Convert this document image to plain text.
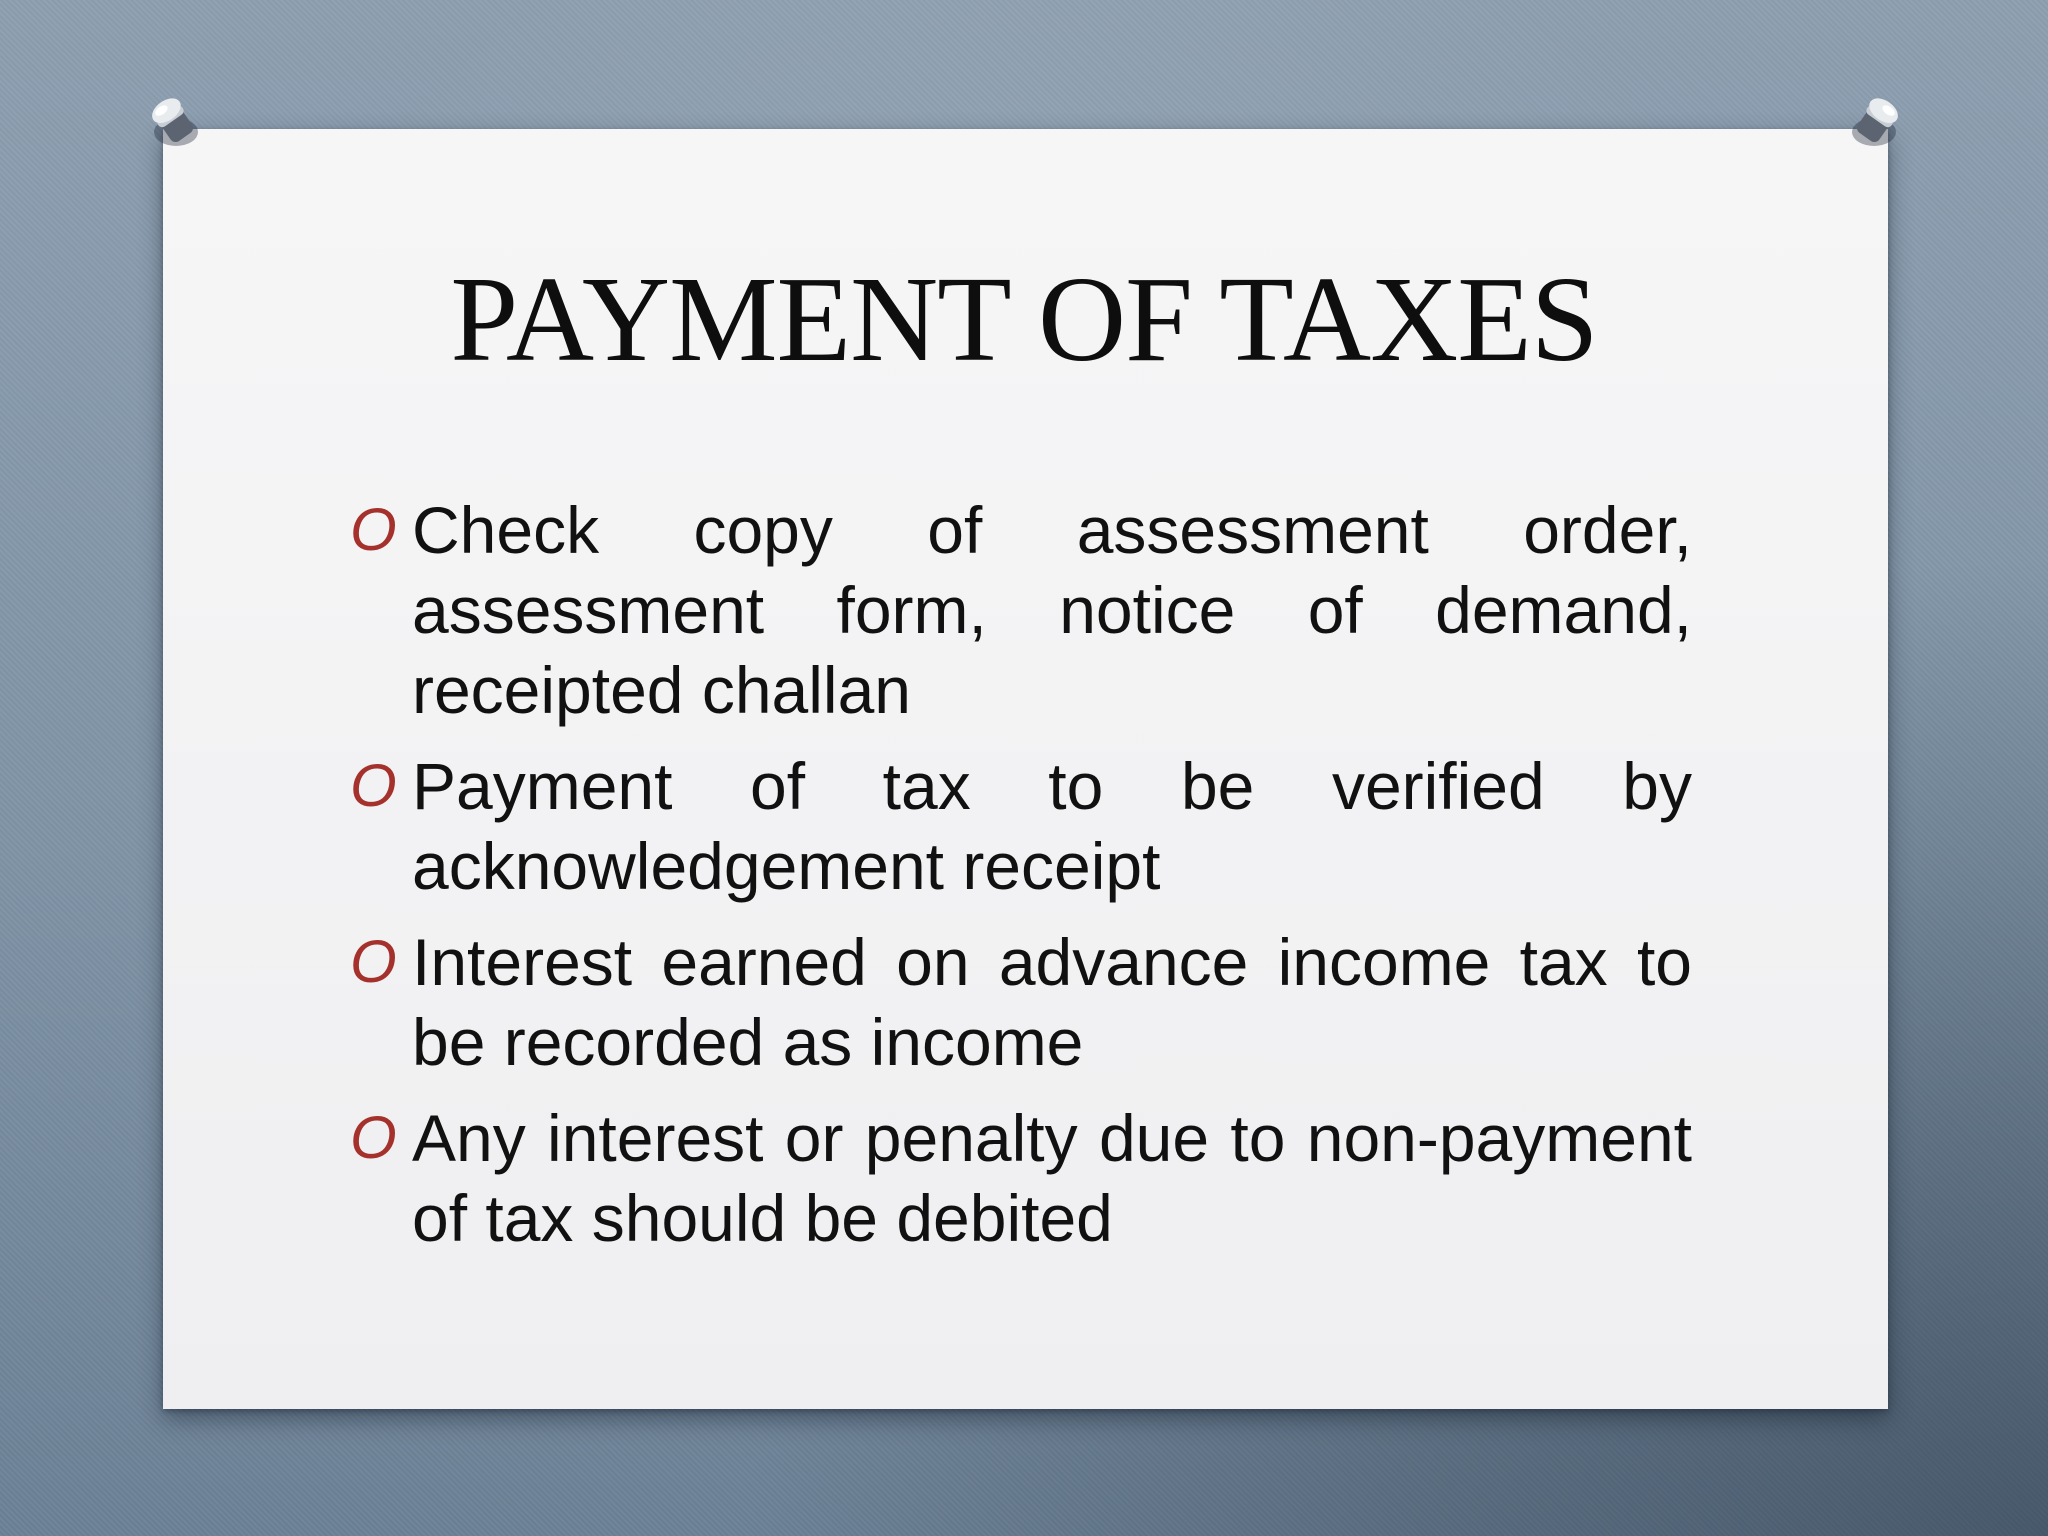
PAYMENT OF TAXES
O Check copy of assessment order, assessment form, notice of demand, receipted challan
O Payment of tax to be verified by acknowledgement receipt
O Interest earned on advance income tax to be recorded as income
O Any interest or penalty due to non-payment of tax should be debited
